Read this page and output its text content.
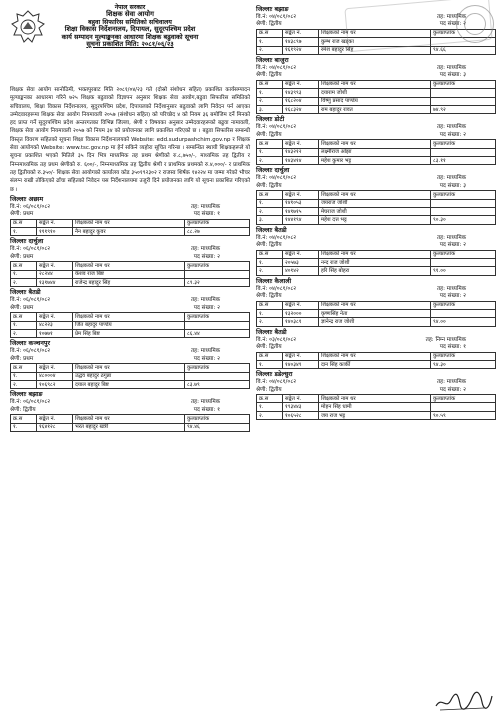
नेपाल सरकार
शिक्षक सेवा आयोग
बहुवा सिफारिस समितिको सचिवालय
शिक्षा विकास निर्देशनालय, दिपायल, सुदूरपश्चिम प्रदेश
कार्य सम्पादन मूल्याङ्कनका आधारमा शिक्षक बढुवाको सूचना
सूचना प्रकाशित मिति: २०८१/०६/२३

शिक्षक सेवा आयोग सानोठिमी, भक्तपुरबाट मिति २०८१/०४/२३ गते (दोस्रो संशोधन सहित) प्रकाशित कार्यसम्पादन मूल्याङ्कनका आधारमा गरिने ७२५ शिक्षक बढुवाको विज्ञापन अनुसार शिक्षक सेवा आयोग,बढुवा सिफारिस समितिको सचिवालय, शिक्षा विकास निर्देशनालय, सुदूरपश्चिम प्रदेश, दिपायलको निर्देशानुसार बढुवाको लागि निवेदन पर्न आएका उम्मेदवारहरूमा शिक्षक सेवा आयोग नियमावली २०५७ (संशोधन सहित) को परिच्छेद ४ को नियम ३६ बमोजिम दर्ने मिनको हद प्राप्त गर्ने सुदूरपश्चिम प्रदेश अन्तरगतका विभिन्न जिल्ला, श्रेणी र विषयका अनुसार उम्मेदवारहरूको बढुवा नामावली, शिक्षक सेवा आयोग नियमावली २०५७ को नियम ३४ को प्रयोजनका लागि प्रकाशित गरिएको छ । बढुवा सिफारिस सम्बन्धी विस्तृत विवरण सहितको सूचना शिक्षा विकास निर्देशनालयको Website: edd.sudurpashchim.gov.np र शिक्षक सेवा आयोगको Website: www.tsc.gov.np मा हेर्न सकिने व्यहोरा सूचित गरिन्छ । सम्बन्धित स्थायी शिक्षकहरूले यो सूचना प्रकाशित भएको मितिले ३५ दिन भित्र माध्यमिक तह प्रथम श्रेणीको रु.८,७५०/-, माध्यमिक तह द्वितीय र निम्नमाध्यमिक तह प्रथम श्रेणीको रु. ६००/-, निम्नमाध्यमिक तह द्वितीय श्रेणी र प्राथमिक प्रथमको रु.४,०००/- र प्राथमिक तह द्वितीयको रु.३५०/- शिक्षक सेवा आयोगको कार्यालय कोड ३५०१९२३०२ र राजस्व शिर्षक १४२२४ मा जम्मा गरेको भौचर संलग्न राखी तोकिएको ढाँचा सहितको निवेदन यस निर्देशनालयमा उजुरी दिने प्रयोजनका लागि यो सूचना प्रकाशित गरिएको छ ।

जिल्लाः अछाम
वि.नं: ०६/०८१/०८२	तह: माध्यमिक
श्रेणी: प्रथम	पद संख्या: १
क्र.स	सङ्केत नं.	शिक्षकको नाम थर	कुलप्राप्तांक
१.	१११९१०	नैन बहादुर कुवर	८८.२७
जिल्लाः दार्चुला
वि.नं: ०६/०८१/०८२	तह: माध्यमिक
श्रेणी: प्रथम	पद संख्या: २
क्र.स	सङ्केत नं.	शिक्षकको नाम थर	कुलप्राप्तांक
१.	२८२४४	केशव राज बिष्ट	
२.	१३१७४४	राजेन्द्र बहादुर सिंह	८९.३२
जिल्लाः बैतडी
वि.नं: ०६/०८१/०८२	तह: माध्यमिक
श्रेणी: प्रथम	पद संख्या: २
क्र.स	सङ्केत नं.	शिक्षकको नाम थर	कुलप्राप्तांक
१.	४८२२३	जित बहादुर पाण्डेय	
२.	१०७७१	प्रेम सिंह बिष्ट	८६.४४
जिल्लाः कञ्चनपुर
वि.नं: ०६/०८१/०८२	तह: माध्यमिक
श्रेणी: प्रथम	पद संख्या: २
क्र.स	सङ्केत नं.	शिक्षकको नाम थर	कुलप्राप्तांक
१.	४८०००४	उद्धव बहादुर ठगुन्ना	
२.	१०६९८२	दयाल बहादुर बिष्ट	८३.७९
जिल्लाः बझाङ
वि.नं: ०६/०८१/०८२	तह: माध्यमिक
श्रेणी: द्वितीय	पद संख्या: १
क्र.स	सङ्केत नं.	शिक्षकको नाम थर	कुलप्राप्तांक
१.	१६४१२८	भरत बहादुर खत्री	९४.४६
जिल्लाः बझाङ
वि.नं: ०४/०८१/०८२	तह: माध्यमिक
श्रेणी: द्वितीय	पद संख्या: २
क्र.स	सङ्केत नं.	शिक्षकको नाम थर	कुलप्राप्तांक
१.	१४३८९७	कुम्भ राज खड्का	
२.	१६१९२४	रमेश बहादुर सिंह	९४.६६
जिल्लाः बाजुरा
वि.नं: ०४/०८१/०८२	तह: माध्यमिक
श्रेणी: द्वितीय	पद संख्या: ३
क्र.स	सङ्केत नं.	शिक्षकको नाम थर	कुलप्राप्तांक
१.	१४३९९३	दयाराम जोशी	
२.	१६८२०४	विष्णु प्रसाद पाण्डेय	
३.	१६८३२४	राम बहादुर रावत	७४.९२
जिल्लाः डोटी
वि.नं: ०४/०८१/०८२	तह: माध्यमिक
श्रेणी: द्वितीय	पद संख्या: २
क्र.स	सङ्केत नं.	शिक्षकको नाम थर	कुलप्राप्तांक
१.	१४३२१२	लक्ष्मीराज ओझा	
२.	१४३४१४	महेश कुमार भट्ट	८३.११
जिल्लाः दार्चुला
वि.नं: ०४/०८१/०८२	तह: माध्यमिक
श्रेणी: द्वितीय	पद संख्या: ३
क्र.स	सङ्केत नं.	शिक्षकको नाम थर	कुलप्राप्तांक
१.	१४१०५३	जयराज जोशी	
२.	१४१७१५	मेघराज जोशी	
३.	१४४१९४	महेश दत्त भट्ट	९०.३०
जिल्लाः बैतडी
वि.नं: ०४/०८१/०८२	तह: माध्यमिक
श्रेणी: द्वितीय	पद संख्या: २
क्र.स	सङ्केत नं.	शिक्षकको नाम थर	कुलप्राप्तांक
१.	२०५७३	नन्द राज जोशी	
२.	४०१४२	हरि सिंह बोहरा	९१.००
जिल्लाः कैलाली
वि.नं: ०४/०८१/०८२	तह: माध्यमिक
श्रेणी: द्वितीय	पद संख्या: २
क्र.स	सङ्केत नं.	शिक्षकको नाम थर	कुलप्राप्तांक
१.	१३२०००	कृष्णसिंह नेता	
२.	१४०३८१	ज्ञानेन्द्र राज जोशी	९४.००
जिल्लाः बैतडी
वि.नं: ०३/०८१/०८२	तह: निम्न माध्यमिक
श्रेणी: द्वितीय	पद संख्या: १
क्र.स	सङ्केत नं.	शिक्षकको नाम थर	कुलप्राप्तांक
१.	१४०३४९	दान सिंह कार्की	९४.३०
जिल्लाः डडेल्धुरा
वि.नं: ०४/०८१/०८२	तह: माध्यमिक
श्रेणी: द्वितीय	पद संख्या: २
क्र.स	सङ्केत नं.	शिक्षकको नाम थर	कुलप्राप्तांक
१.	१९३४४३	मोहन सिंह धामी	
२.	१०६५२८	जय राज भट्ट	९०.५९
